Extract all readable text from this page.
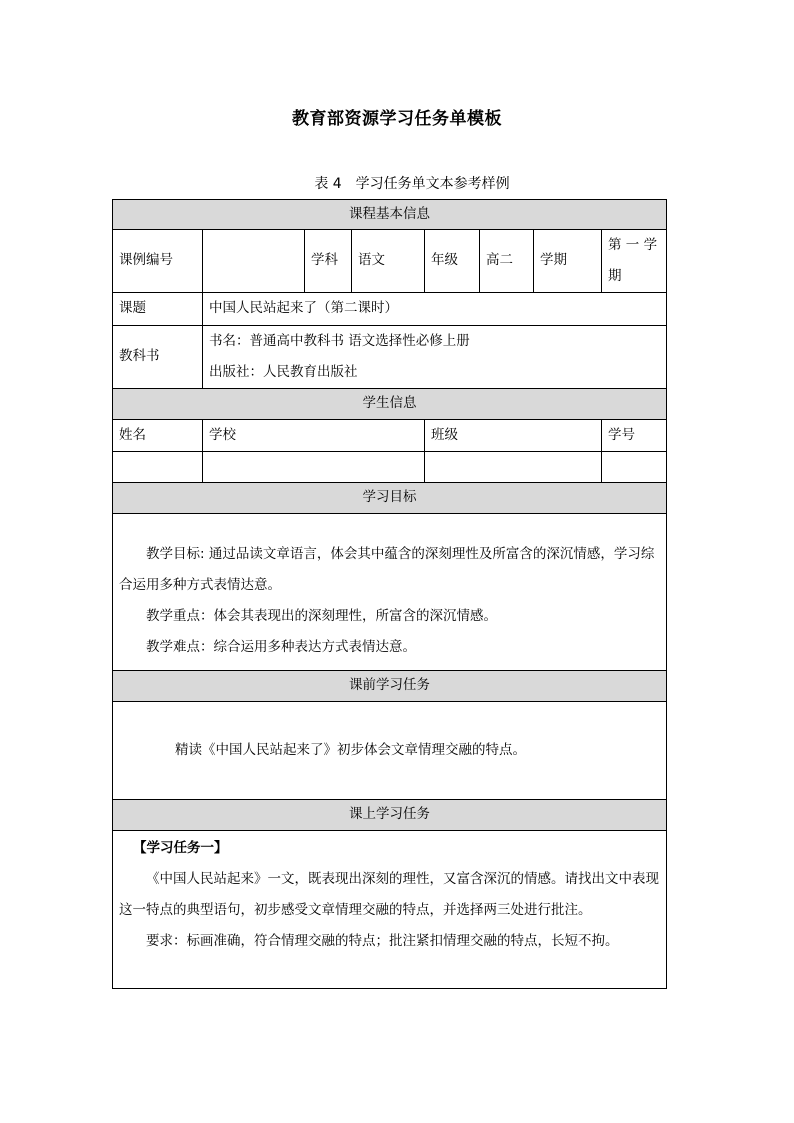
教育部资源学习任务单模板
表 4　学习任务单文本参考样例
课程基本信息							
课例编号		学科	语文	年级	高二	学期	第 一 学 期
课题	中国人民站起来了（第二课时）						
教科书	书名：普通高中教科书 语文选择性必修上册
出版社：人民教育出版社						

学生信息							
姓名	学校			班级			学号

学习目标							

教学目标: 通过品读文章语言，体会其中蕴含的深刻理性及所富含的深沉情感，学习综合运用多种方式表情达意。

教学重点：体会其表现出的深刻理性，所富含的深沉情感。

教学难点：综合运用多种表达方式表情达意。							

课前学习任务							

精读《中国人民站起来了》初步体会文章情理交融的特点。							

课上学习任务							

【学习任务一】

《中国人民站起来》一文，既表现出深刻的理性，又富含深沉的情感。请找出文中表现这一特点的典型语句，初步感受文章情理交融的特点，并选择两三处进行批注。

要求：标画准确，符合情理交融的特点；批注紧扣情理交融的特点，长短不拘。							
